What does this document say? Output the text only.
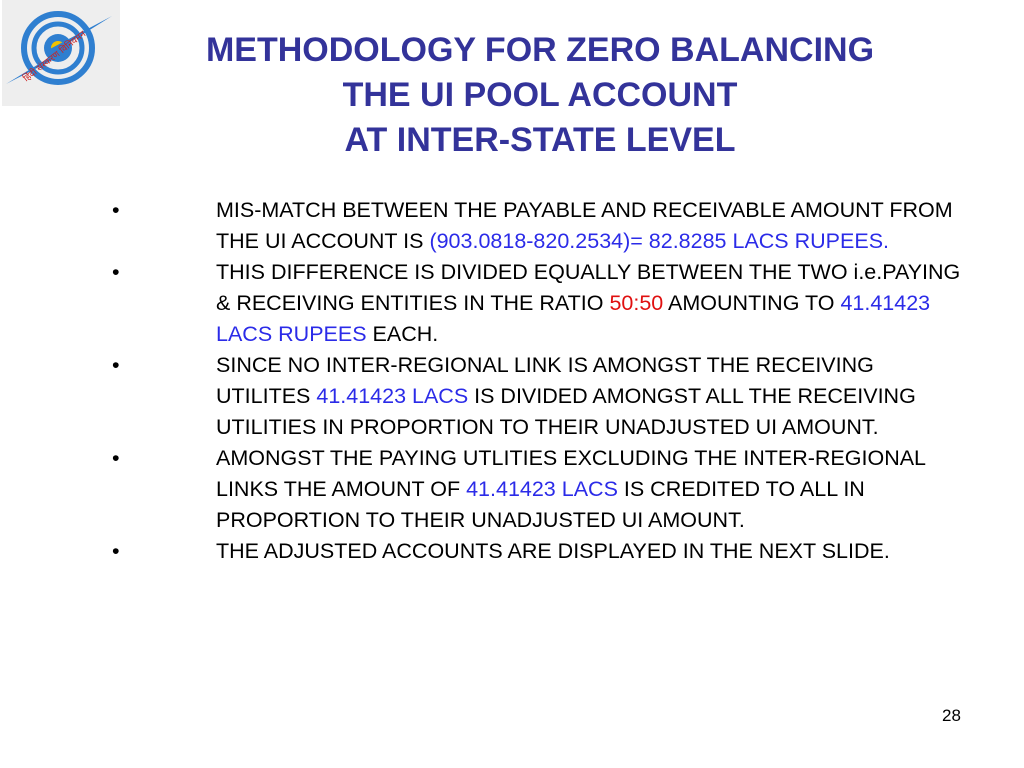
हिंदी संस्करण विनियमन	METHODOLOGY FOR ZERO BALANCING
THE UI POOL ACCOUNT
AT INTER-STATE LEVEL
•	MIS-MATCH BETWEEN THE PAYABLE AND RECEIVABLE AMOUNT FROM THE UI ACCOUNT IS (903.0818-820.2534)= 82.8285 LACS RUPEES.
•	THIS DIFFERENCE IS DIVIDED EQUALLY BETWEEN THE TWO i.e.PAYING & RECEIVING ENTITIES IN THE RATIO 50:50 AMOUNTING TO 41.41423 LACS RUPEES EACH.
•	SINCE NO INTER-REGIONAL LINK IS AMONGST THE RECEIVING UTILITES 41.41423 LACS IS DIVIDED AMONGST ALL THE RECEIVING UTILITIES IN PROPORTION TO THEIR UNADJUSTED UI AMOUNT.
•	AMONGST THE PAYING UTLITIES EXCLUDING THE INTER-REGIONAL LINKS THE AMOUNT OF 41.41423 LACS IS CREDITED TO ALL IN PROPORTION TO THEIR UNADJUSTED UI AMOUNT.
•	THE ADJUSTED ACCOUNTS ARE DISPLAYED IN THE NEXT SLIDE.
28
